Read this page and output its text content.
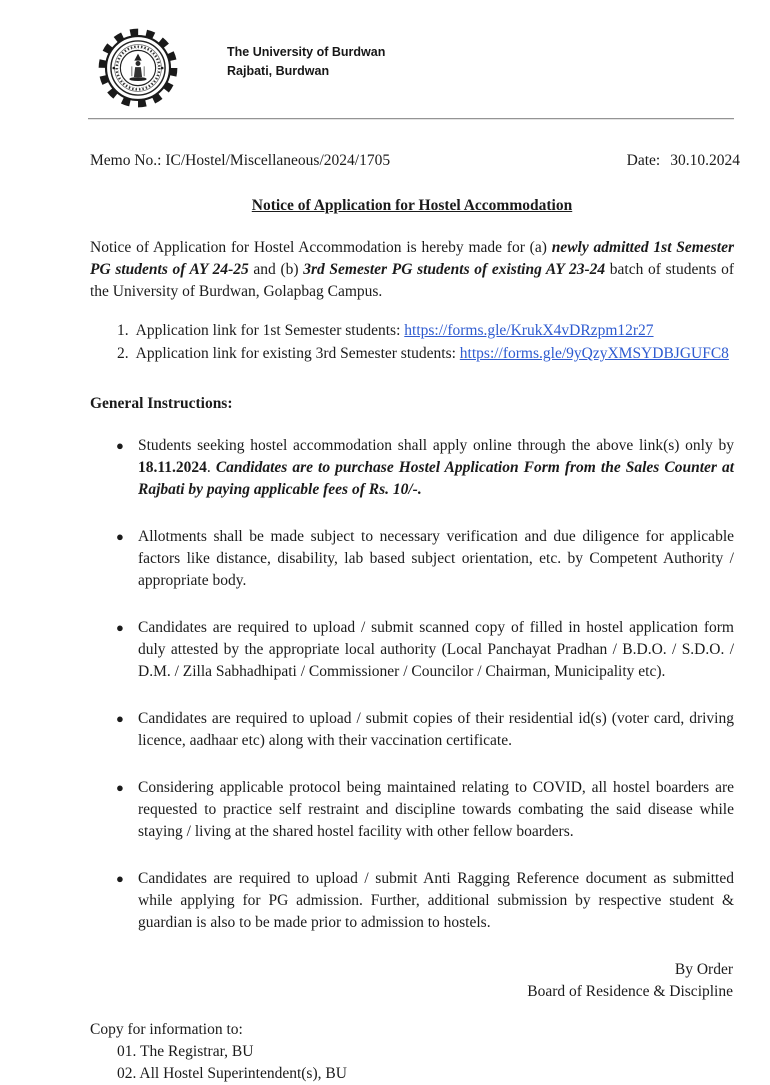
The University of Burdwan
Rajbati, Burdwan
Memo No.: IC/Hostel/Miscellaneous/2024/1705	Date: 30.10.2024
Notice of Application for Hostel Accommodation
Notice of Application for Hostel Accommodation is hereby made for (a) newly admitted 1st Semester PG students of AY 24-25 and (b) 3rd Semester PG students of existing AY 23-24 batch of students of the University of Burdwan, Golapbag Campus.
1. Application link for 1st Semester students: https://forms.gle/KrukX4vDRzpm12r27
2. Application link for existing 3rd Semester students: https://forms.gle/9yQzyXMSYDBJGUFC8
General Instructions:
● Students seeking hostel accommodation shall apply online through the above link(s) only by 18.11.2024. Candidates are to purchase Hostel Application Form from the Sales Counter at Rajbati by paying applicable fees of Rs. 10/-.
● Allotments shall be made subject to necessary verification and due diligence for applicable factors like distance, disability, lab based subject orientation, etc. by Competent Authority / appropriate body.
● Candidates are required to upload / submit scanned copy of filled in hostel application form duly attested by the appropriate local authority (Local Panchayat Pradhan / B.D.O. / S.D.O. / D.M. / Zilla Sabhadhipati / Commissioner / Councilor / Chairman, Municipality etc).
● Candidates are required to upload / submit copies of their residential id(s) (voter card, driving licence, aadhaar etc) along with their vaccination certificate.
● Considering applicable protocol being maintained relating to COVID, all hostel boarders are requested to practice self restraint and discipline towards combating the said disease while staying / living at the shared hostel facility with other fellow boarders.
● Candidates are required to upload / submit Anti Ragging Reference document as submitted while applying for PG admission. Further, additional submission by respective student & guardian is also to be made prior to admission to hostels.
By Order
Board of Residence & Discipline
Copy for information to:
01. The Registrar, BU
02. All Hostel Superintendent(s), BU
